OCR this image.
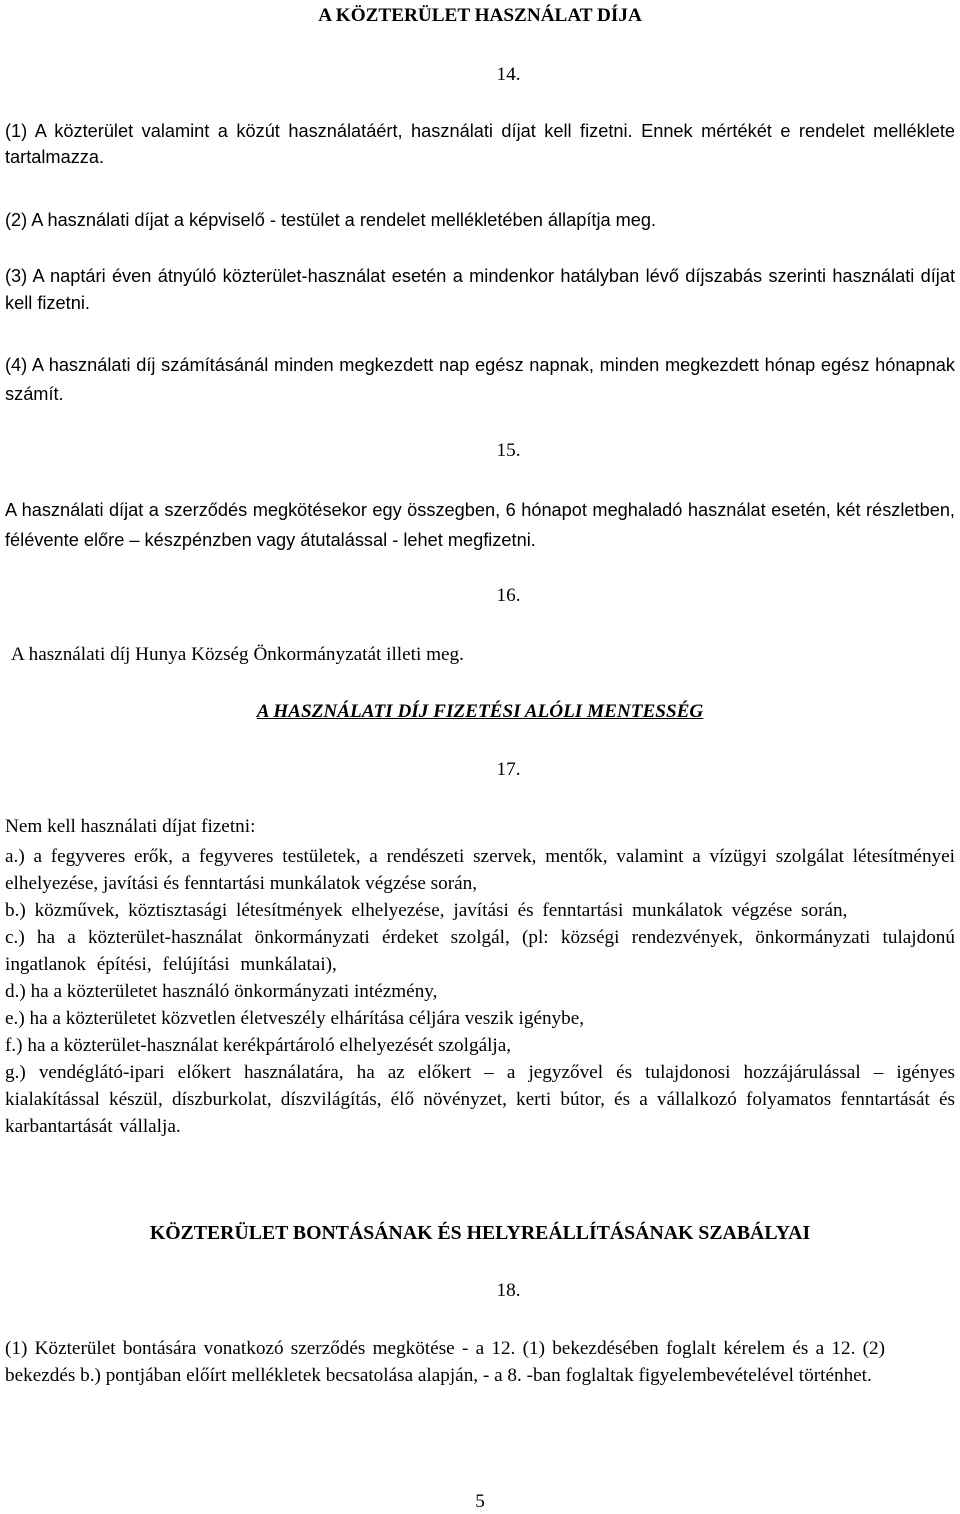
A KÖZTERÜLET HASZNÁLAT DÍJA

14.

(1) A közterület valamint a közút használatáért, használati díjat kell fizetni. Ennek mértékét e rendelet melléklete tartalmazza.

(2) A használati díjat a képviselő - testület a rendelet mellékletében állapítja meg.

(3) A naptári éven átnyúló közterület-használat esetén a mindenkor hatályban lévő díjszabás szerinti használati díjat kell fizetni.

(4) A használati díj számításánál minden megkezdett nap egész napnak, minden megkezdett hónap egész hónapnak számít.

15.

A használati díjat a szerződés megkötésekor egy összegben, 6 hónapot meghaladó használat esetén, két részletben, félévente előre – készpénzben vagy átutalással - lehet megfizetni.

16.

A használati díj Hunya Község Önkormányzatát illeti meg.

A HASZNÁLATI DÍJ FIZETÉSI ALÓLI MENTESSÉG

17.

Nem kell használati díjat fizetni:

a.) a fegyveres erők, a fegyveres testületek, a rendészeti szervek, mentők, valamint a vízügyi szolgálat létesítményei elhelyezése, javítási és fenntartási munkálatok végzése során,

b.) közművek, köztisztasági létesítmények elhelyezése, javítási és fenntartási munkálatok végzése során,

c.) ha a közterület-használat önkormányzati érdeket szolgál, (pl: községi rendezvények, önkormányzati tulajdonú ingatlanok építési, felújítási munkálatai),

d.) ha a közterületet használó önkormányzati intézmény,

e.) ha a közterületet közvetlen életveszély elhárítása céljára veszik igénybe,

f.) ha a közterület-használat kerékpártároló elhelyezését szolgálja,

g.) vendéglátó-ipari előkert használatára, ha az előkert – a jegyzővel és tulajdonosi hozzájárulással – igényes kialakítással készül, díszburkolat, díszvilágítás, élő növényzet, kerti bútor, és a vállalkozó folyamatos fenntartását és karbantartását vállalja.

KÖZTERÜLET BONTÁSÁNAK ÉS HELYREÁLLÍTÁSÁNAK SZABÁLYAI

18.

(1) Közterület bontására vonatkozó szerződés megkötése - a 12. (1) bekezdésében foglalt kérelem és a 12. (2) bekezdés b.) pontjában előírt mellékletek becsatolása alapján, - a 8. -ban foglaltak figyelembevételével történhet.

5
